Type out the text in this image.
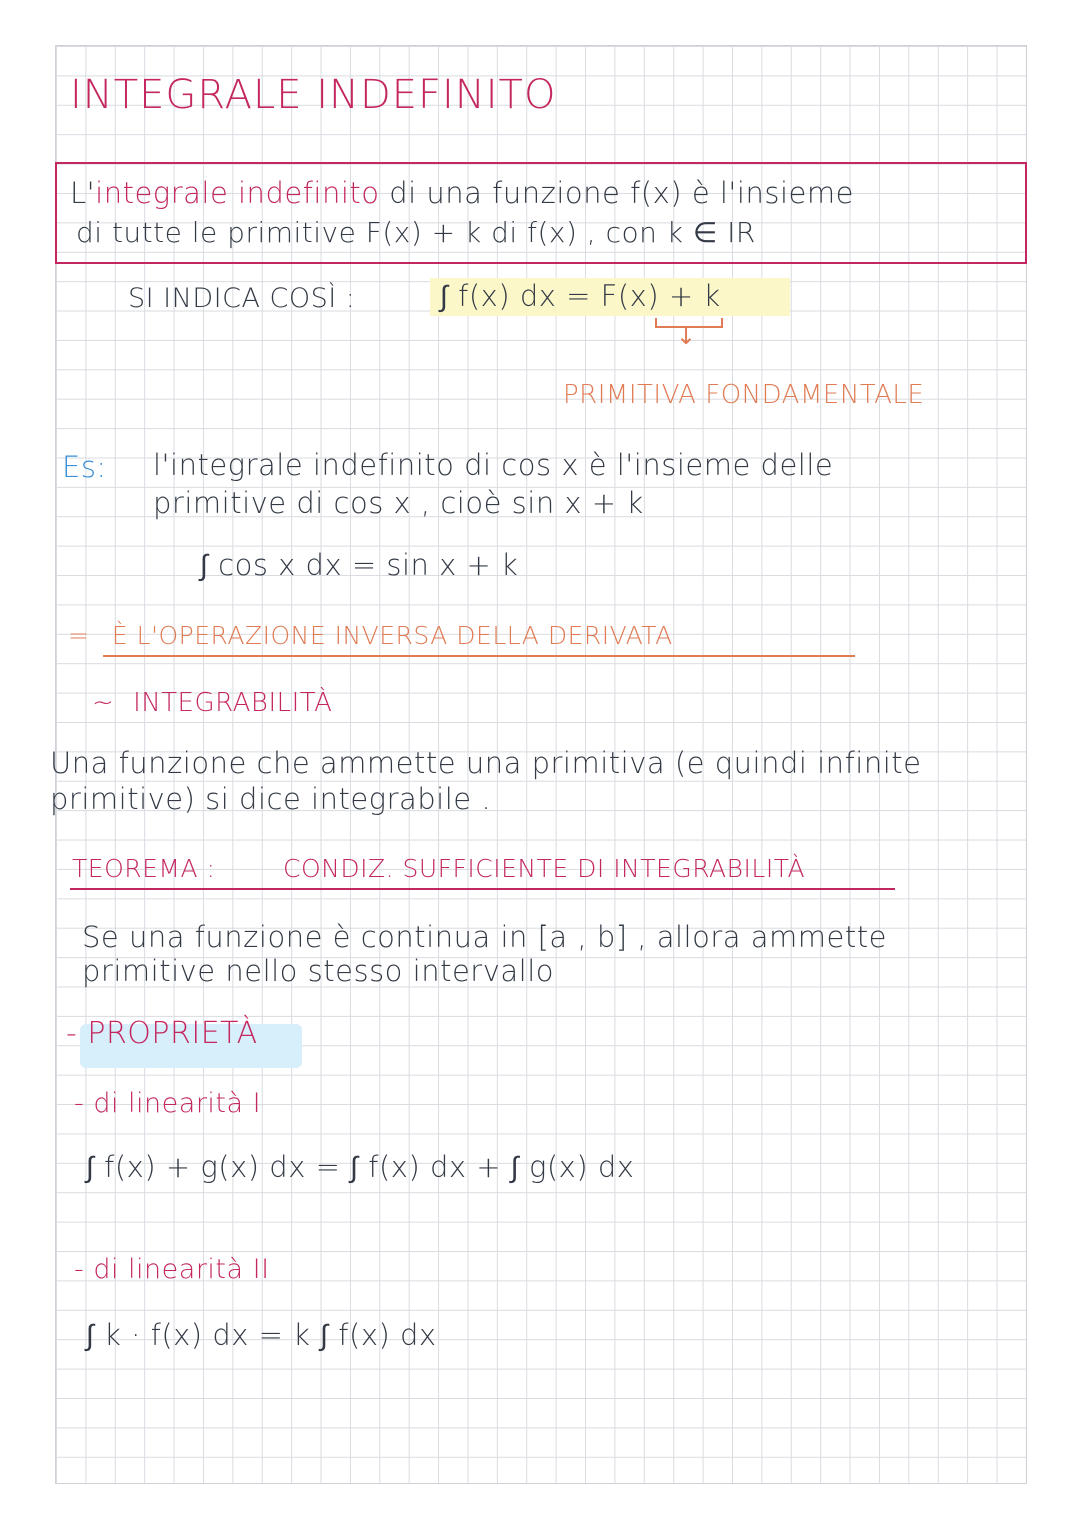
INTEGRALE INDEFINITO
L'integrale indefinito di una funzione f(x) è l'insieme
di tutte le primitive F(x) + k di f(x) , con k ∈ IR
SI INDICA COSÌ :	∫ f(x) dx = F(x) + k
↓
PRIMITIVA FONDAMENTALE
Es: l'integrale indefinito di cos x è l'insieme delle
primitive di cos x , cioè sin x + k
∫ cos x dx = sin x + k
= È L'OPERAZIONE INVERSA DELLA DERIVATA
~ INTEGRABILITÀ
Una funzione che ammette una primitiva (e quindi infinite
primitive) si dice integrabile .
TEOREMA :	CONDIZ. SUFFICIENTE DI INTEGRABILITÀ
Se una funzione è continua in [a , b] , allora ammette
primitive nello stesso intervallo
- PROPRIETÀ
- di linearità I
∫ f(x) + g(x) dx = ∫ f(x) dx + ∫ g(x) dx
- di linearità II
∫ k · f(x) dx = k ∫ f(x) dx
